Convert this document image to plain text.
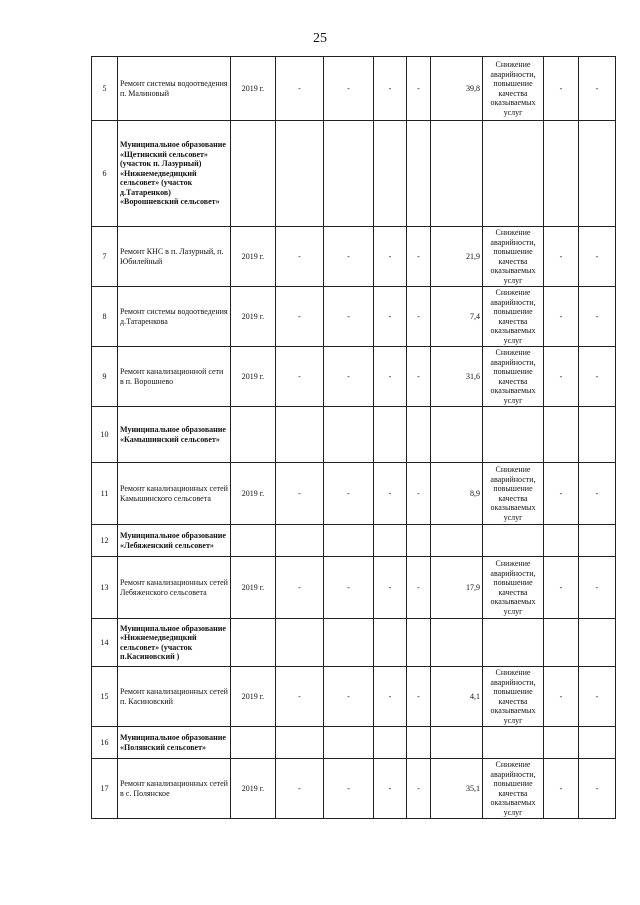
25
5	Ремонт системы водоотведения п. Малиновый	2019 г.	-	-	-	-	39,8	Снижение аварийности, повышение качества оказываемых услуг	-	-
6	Муниципальное образование «Щетинский сельсовет» (участок п. Лазурный) «Нижнемедведицкий сельсовет» (участок д.Татаренков) «Ворошневский сельсовет»									
7	Ремонт КНС в п. Лазурный, п. Юбилейный	2019 г.	-	-	-	-	21,9	Снижение аварийности, повышение качества оказываемых услуг	-	-
8	Ремонт системы водоотведения д.Татаренкова	2019 г.	-	-	-	-	7,4	Снижение аварийности, повышение качества оказываемых услуг	-	-
9	Ремонт канализационной сети в п. Ворошнево	2019 г.	-	-	-	-	31,6	Снижение аварийности, повышение качества оказываемых услуг	-	-
10	Муниципальное образование «Камышинский сельсовет»									
11	Ремонт канализационных сетей Камышинского сельсовета	2019 г.	-	-	-	-	8,9	Снижение аварийности, повышение качества оказываемых услуг	-	-
12	Муниципальное образование «Лебяженский сельсовет»									
13	Ремонт канализационных сетей Лебяженского сельсовета	2019 г.	-	-	-	-	17,9	Снижение аварийности, повышение качества оказываемых услуг	-	-
14	Муниципальное образование «Нижнемедведицкий сельсовет» (участок п.Касиновский )									
15	Ремонт канализационных сетей п. Касиновский	2019 г.	-	-	-	-	4,1	Снижение аварийности, повышение качества оказываемых услуг	-	-
16	Муниципальное образование «Полянский сельсовет»									
17	Ремонт канализационных сетей в с. Полянское	2019 г.	-	-	-	-	35,1	Снижение аварийности, повышение качества оказываемых услуг	-	-
